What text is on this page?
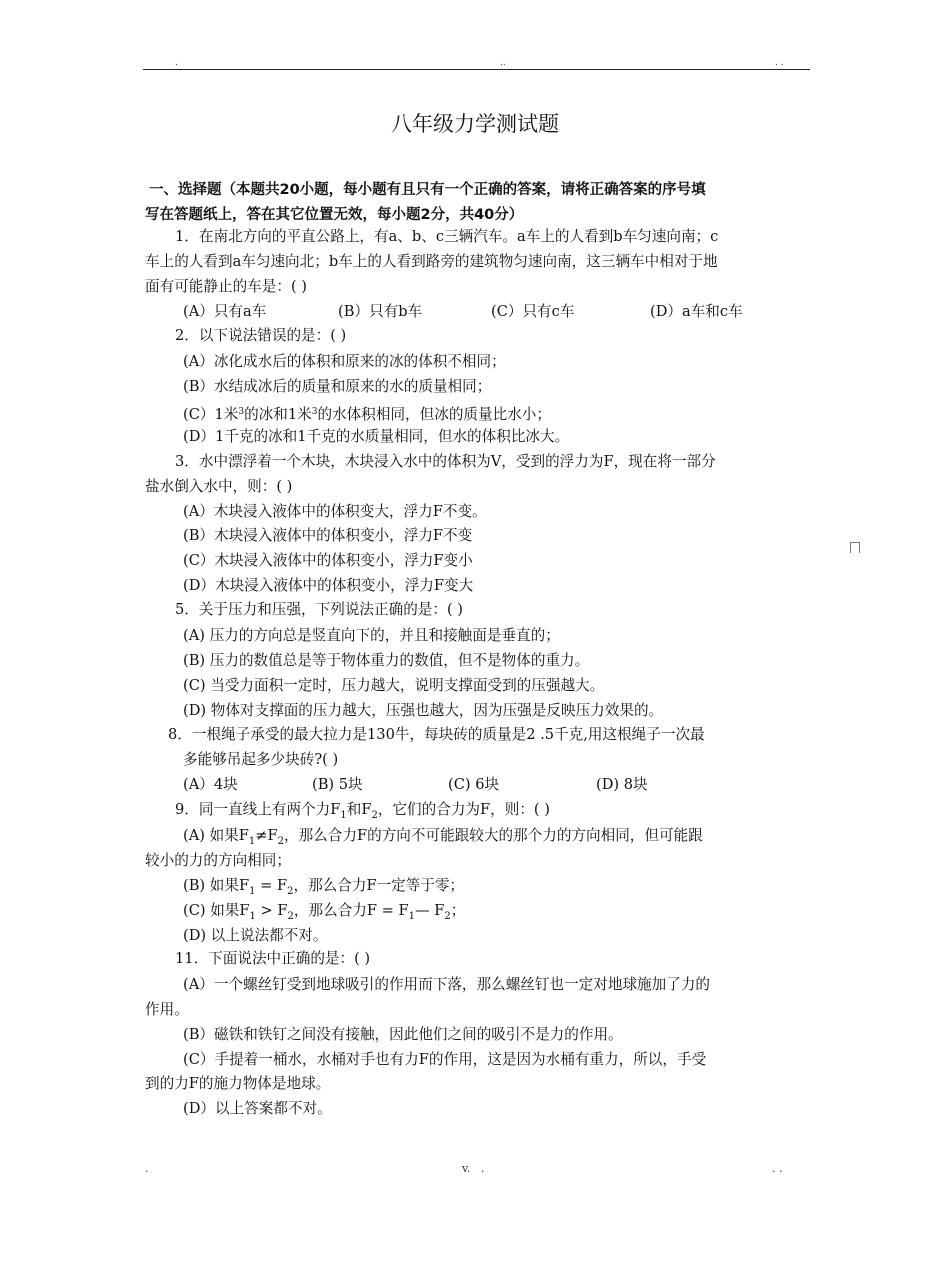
.	..	. .
八年级力学测试题
一、选择题（本题共20小题，每小题有且只有一个正确的答案，请将正确答案的序号填
写在答题纸上，答在其它位置无效，每小题2分，共40分）
1．在南北方向的平直公路上，有a、b、c三辆汽车。a车上的人看到b车匀速向南；c
车上的人看到a车匀速向北；b车上的人看到路旁的建筑物匀速向南，这三辆车中相对于地
面有可能静止的车是：( )
(A）只有a车	(B）只有b车	(C）只有c车	(D）a车和c车
2．以下说法错误的是：( )
(A）冰化成水后的体积和原来的冰的体积不相同；
(B）水结成冰后的质量和原来的水的质量相同；
(C）1米$^3$的冰和1米$^3$的水体积相同，但冰的质量比水小；
(D）1千克的冰和1千克的水质量相同，但水的体积比冰大。
3．水中漂浮着一个木块，木块浸入水中的体积为V，受到的浮力为F，现在将一部分
盐水倒入水中，则：( )
(A）木块浸入液体中的体积变大，浮力F不变。
(B）木块浸入液体中的体积变小，浮力F不变
(C）木块浸入液体中的体积变小，浮力F变小
(D）木块浸入液体中的体积变小，浮力F变大
5．关于压力和压强，下列说法正确的是：( )
(A) 压力的方向总是竖直向下的，并且和接触面是垂直的；
(B) 压力的数值总是等于物体重力的数值，但不是物体的重力。
(C) 当受力面积一定时，压力越大，说明支撑面受到的压强越大。
(D) 物体对支撑面的压力越大，压强也越大，因为压强是反映压力效果的。
8．一根绳子承受的最大拉力是130牛，每块砖的质量是2 .5千克,用这根绳子一次最
多能够吊起多少块砖?( )
(A）4块	(B) 5块	(C) 6块	(D) 8块
9．同一直线上有两个力$F_1$和$F_2$，它们的合力为F，则：( )
(A) 如果$F_1\ne F_2$，那么合力F的方向不可能跟较大的那个力的方向相同，但可能跟
较小的力的方向相同；
(B) 如果$F_1 = F_2$，那么合力F一定等于零；
(C) 如果$F_1 > F_2$，那么合力$F = F_1—$ $F_2$；
(D) 以上说法都不对。
11．下面说法中正确的是：( )
(A）一个螺丝钉受到地球吸引的作用而下落，那么螺丝钉也一定对地球施加了力的
作用。
(B）磁铁和铁钉之间没有接触，因此他们之间的吸引不是力的作用。
(C）手提着一桶水，水桶对手也有力F的作用，这是因为水桶有重力，所以，手受
到的力F的施力物体是地球。
(D）以上答案都不对。
.	v.   .	. .
